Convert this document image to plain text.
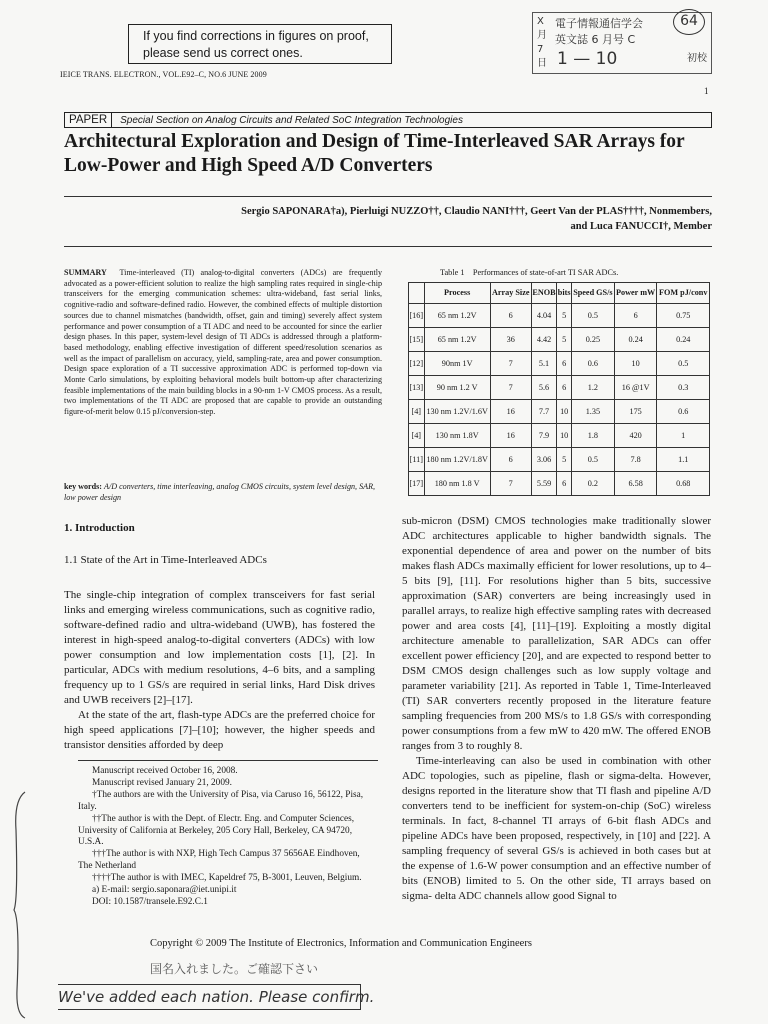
If you find corrections in figures on proof,
please send us correct ones.
X月7日
電子情報通信学会
英文誌 6 月号 C
1 — 10
64
初校
IEICE TRANS. ELECTRON., VOL.E92–C, NO.6 JUNE 2009
1
PAPER Special Section on Analog Circuits and Related SoC Integration Technologies
Architectural Exploration and Design of Time-Interleaved SAR Arrays for Low-Power and High Speed A/D Converters
Sergio SAPONARA†a), Pierluigi NUZZO††, Claudio NANI†††, Geert Van der PLAS††††, Nonmembers,
and Luca FANUCCI†, Member
SUMMARY Time-interleaved (TI) analog-to-digital converters (ADCs) are frequently advocated as a power-efficient solution to realize the high sampling rates required in single-chip transceivers for the emerging communication schemes: ultra-wideband, fast serial links, cognitive-radio and software-defined radio. However, the combined effects of multiple distortion sources due to channel mismatches (bandwidth, offset, gain and timing) severely affect system performance and power consumption of a TI ADC and need to be accounted for since the earlier design phases. In this paper, system-level design of TI ADCs is addressed through a platform-based methodology, enabling effective investigation of different speed/resolution scenarios as well as the impact of parallelism on accuracy, yield, sampling-rate, area and power consumption. Design space exploration of a TI successive approximation ADC is performed top-down via Monte Carlo simulations, by exploiting behavioral models built bottom-up after characterizing feasible implementations of the main building blocks in a 90-nm 1-V CMOS process. As a result, two implementations of the TI ADC are proposed that are capable to provide an outstanding figure-of-merit below 0.15 pJ/conversion-step.
key words: A/D converters, time interleaving, analog CMOS circuits, system level design, SAR, low power design
Table 1 Performances of state-of-art TI SAR ADCs.
	Process	Array Size	ENOB	bits	Speed GS/s	Power mW	FOM pJ/conv
[16]	65 nm 1.2V	6	4.04	5	0.5	6	0.75
[15]	65 nm 1.2V	36	4.42	5	0.25	0.24	0.24
[12]	90nm 1V	7	5.1	6	0.6	10	0.5
[13]	90 nm 1.2 V	7	5.6	6	1.2	16 @1V	0.3
[4]	130 nm 1.2V/1.6V	16	7.7	10	1.35	175	0.6
[4]	130 nm 1.8V	16	7.9	10	1.8	420	1
[11]	180 nm 1.2V/1.8V	6	3.06	5	0.5	7.8	1.1
[17]	180 nm 1.8 V	7	5.59	6	0.2	6.58	0.68
1. Introduction
1.1 State of the Art in Time-Interleaved ADCs

The single-chip integration of complex transceivers for fast serial links and emerging wireless communications, such as cognitive radio, software-defined radio and ultra-wideband (UWB), has fostered the interest in high-speed analog-to-digital converters (ADCs) with low power consumption and low implementation costs [1], [2]. In particular, ADCs with medium resolutions, 4–6 bits, and a sampling frequency up to 1 GS/s are required in serial links, Hard Disk drives and UWB receivers [2]–[17].

At the state of the art, flash-type ADCs are the preferred choice for high speed applications [7]–[10]; however, the higher speeds and transistor densities afforded by deep

sub-micron (DSM) CMOS technologies make traditionally slower ADC architectures applicable to higher bandwidth signals. The exponential dependence of area and power on the number of bits makes flash ADCs maximally efficient for lower resolutions, up to 4–5 bits [9], [11]. For resolutions higher than 5 bits, successive approximation (SAR) converters are being increasingly used in parallel arrays, to realize high effective sampling rates with decreased power and area costs [4], [11]–[19]. Exploiting a mostly digital architecture amenable to parallelization, SAR ADCs can offer excellent power efficiency [20], and are expected to respond better to DSM CMOS design challenges such as low supply voltage and parameter variability [21]. As reported in Table 1, Time-Interleaved (TI) SAR converters recently proposed in the literature feature sampling frequencies from 200 MS/s to 1.8 GS/s with corresponding power consumptions from a few mW to 420 mW. The offered ENOB ranges from 3 to roughly 8.

Time-interleaving can also be used in combination with other ADC topologies, such as pipeline, flash or sigma-delta. However, designs reported in the literature show that TI flash and pipeline A/D converters tend to be inefficient for system-on-chip (SoC) wireless terminals. In fact, 8-channel TI arrays of 6-bit flash ADCs and pipeline ADCs have been proposed, respectively, in [10] and [22]. A sampling frequency of several GS/s is achieved in both cases but at the expense of 1.6-W power consumption and an effective number of bits (ENOB) limited to 5. On the other side, TI arrays based on sigma- delta ADC channels allow good Signal to

Manuscript received October 16, 2008.

Manuscript revised January 21, 2009.

†The authors are with the University of Pisa, via Caruso 16, 56122, Pisa, Italy.

††The author is with the Dept. of Electr. Eng. and Computer Sciences, University of California at Berkeley, 205 Cory Hall, Berkeley, CA 94720, U.S.A.

†††The author is with NXP, High Tech Campus 37 5656AE Eindhoven, The Netherland

††††The author is with IMEC, Kapeldref 75, B-3001, Leuven, Belgium.

a) E-mail: sergio.saponara@iet.unipi.it

DOI: 10.1587/transele.E92.C.1

Copyright © 2009 The Institute of Electronics, Information and Communication Engineers
国名入れました。ご確認下さい
We've added each nation. Please confirm.
